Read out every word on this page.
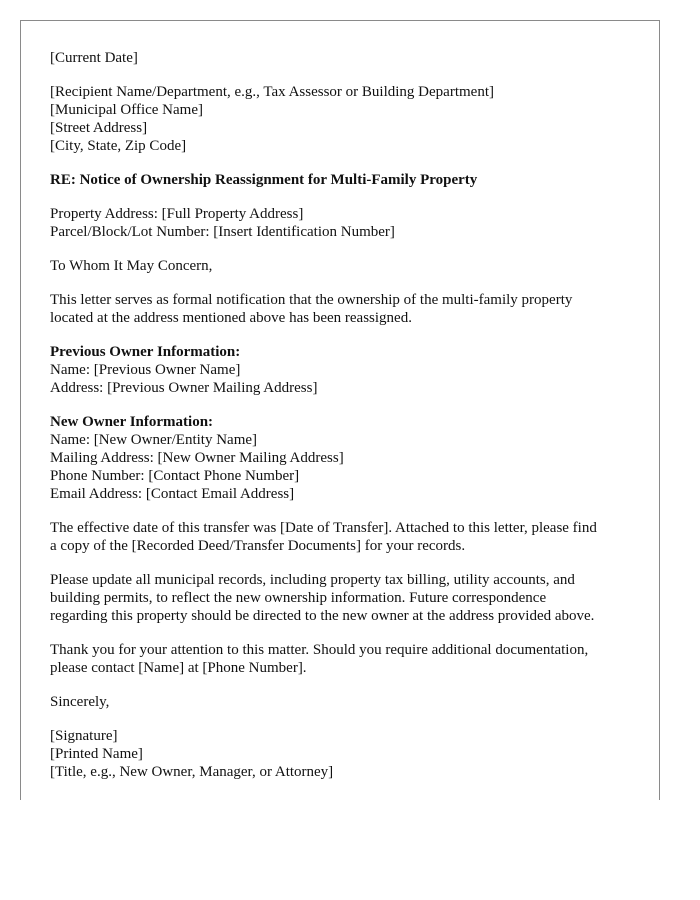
[Current Date]
[Recipient Name/Department, e.g., Tax Assessor or Building Department]
[Municipal Office Name]
[Street Address]
[City, State, Zip Code]
RE: Notice of Ownership Reassignment for Multi-Family Property
Property Address: [Full Property Address]
Parcel/Block/Lot Number: [Insert Identification Number]
To Whom It May Concern,
This letter serves as formal notification that the ownership of the multi-family property
located at the address mentioned above has been reassigned.
Previous Owner Information:
Name: [Previous Owner Name]
Address: [Previous Owner Mailing Address]
New Owner Information:
Name: [New Owner/Entity Name]
Mailing Address: [New Owner Mailing Address]
Phone Number: [Contact Phone Number]
Email Address: [Contact Email Address]
The effective date of this transfer was [Date of Transfer]. Attached to this letter, please find
a copy of the [Recorded Deed/Transfer Documents] for your records.
Please update all municipal records, including property tax billing, utility accounts, and
building permits, to reflect the new ownership information. Future correspondence
regarding this property should be directed to the new owner at the address provided above.
Thank you for your attention to this matter. Should you require additional documentation,
please contact [Name] at [Phone Number].
Sincerely,
[Signature]
[Printed Name]
[Title, e.g., New Owner, Manager, or Attorney]
